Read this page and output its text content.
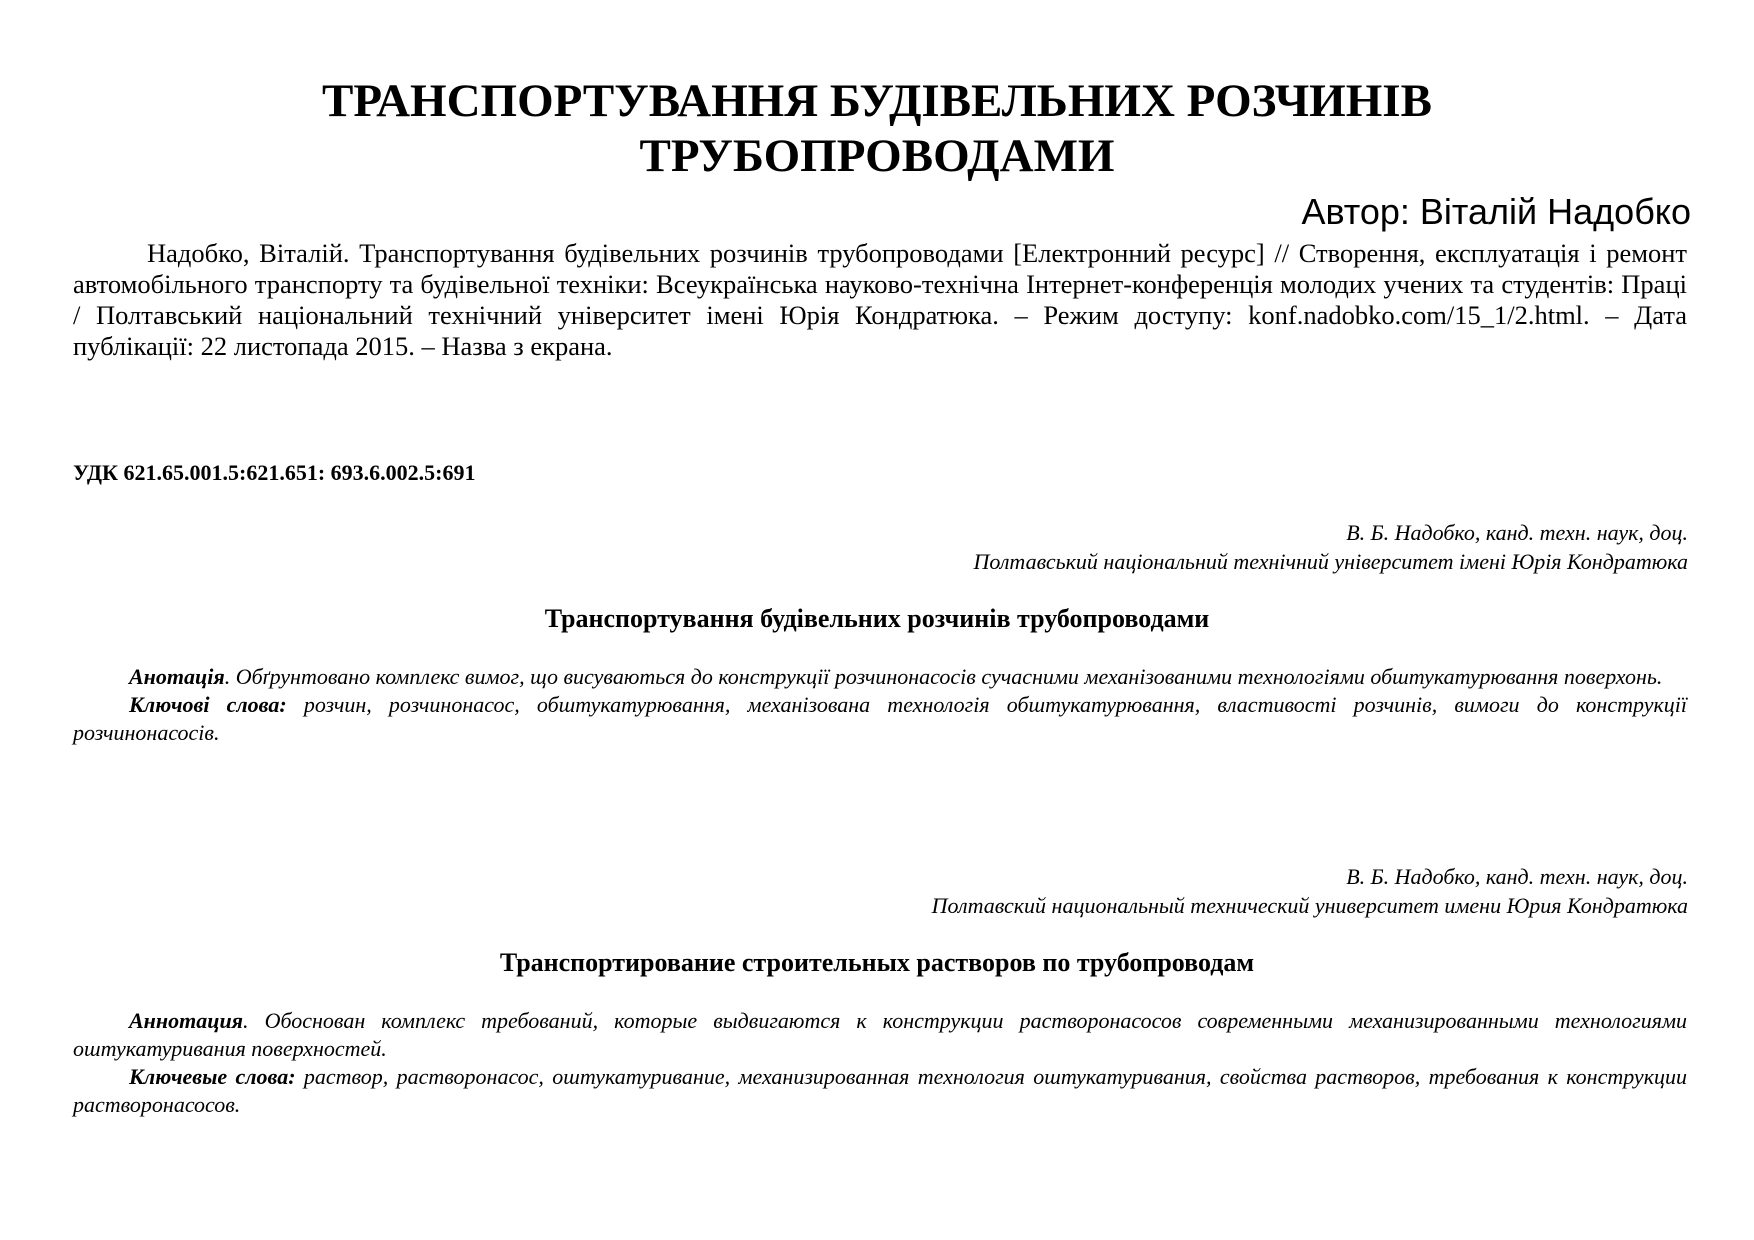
ТРАНСПОРТУВАННЯ БУДІВЕЛЬНИХ РОЗЧИНІВ
ТРУБОПРОВОДАМИ

Автор: Віталій Надобко

Надобко, Віталій. Транспортування будівельних розчинів трубопроводами [Електронний ресурс] // Створення, експлуатація і ремонт автомобільного транспорту та будівельної техніки: Всеукраїнська науково-технічна Інтернет-конференція молодих учених та студентів: Праці / Полтавський національний технічний університет імені Юрія Кондратюка. – Режим доступу: konf.nadobko.com/15_1/2.html. – Дата публікації: 22 листопада 2015. – Назва з екрана.

УДК 621.65.001.5:621.651: 693.6.002.5:691

В. Б. Надобко, канд. техн. наук, доц.
Полтавський національний технічний університет імені Юрія Кондратюка
Транспортування будівельних розчинів трубопроводами

Анотація. Обґрунтовано комплекс вимог, що висуваються до конструкції розчинонасосів сучасними механізованими технологіями обштукатурювання поверхонь.

Ключові слова: розчин, розчинонасос, обштукатурювання, механізована технологія обштукатурювання, властивості розчинів, вимоги до конструкції розчинонасосів.

В. Б. Надобко, канд. техн. наук, доц.
Полтавский национальный технический университет имени Юрия Кондратюка
Транспортирование строительных растворов по трубопроводам

Аннотация. Обоснован комплекс требований, которые выдвигаются к конструкции растворонасосов современными механизированными технологиями оштукатуривания поверхностей.

Ключевые слова: раствор, растворонасос, оштукатуривание, механизированная технология оштукатуривания, свойства растворов, требования к конструкции растворонасосов.
